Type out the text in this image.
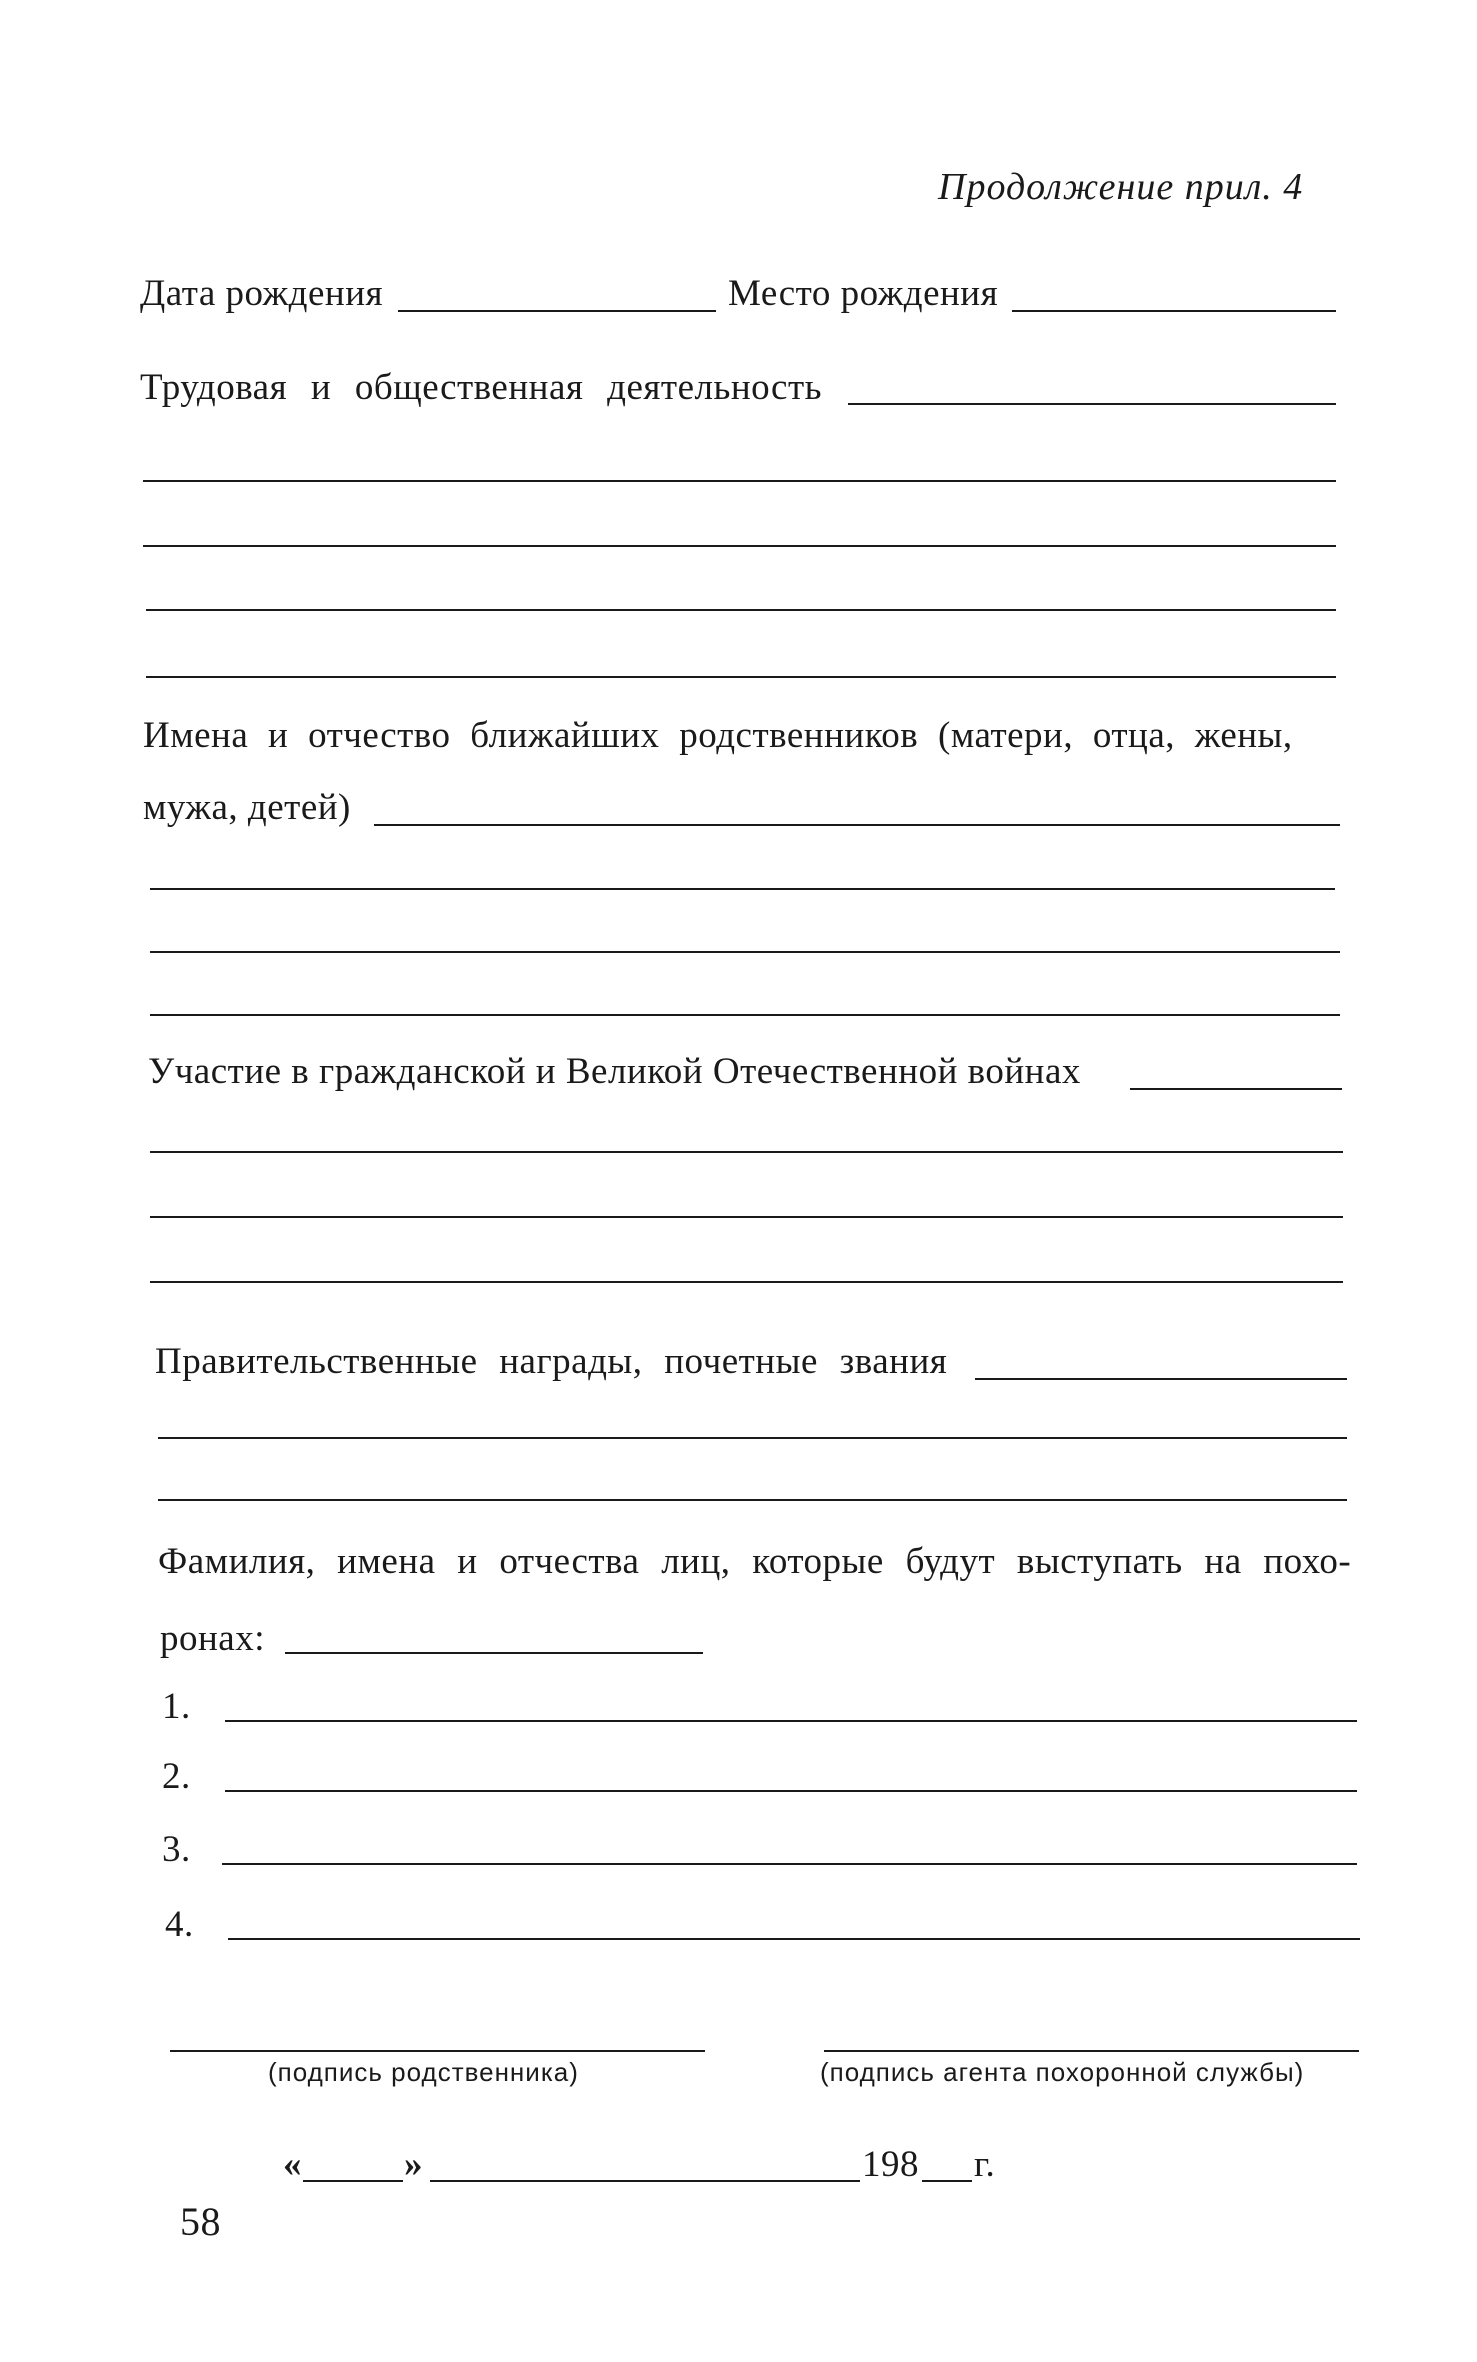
Продолжение прил. 4
Дата рождения	Место рождения
Трудовая и общественная деятельность
Имена и отчество ближайших родственников (матери, отца, жены,
мужа, детей)
Участие в гражданской и Великой Отечественной войнах
Правительственные награды, почетные звания
Фамилия, имена и отчества лиц, которые будут выступать на похо-
ронах:
1.
2.
3.
4.
(подпись родственника)	(подпись агента похоронной службы)
«	»	198 г.
58
